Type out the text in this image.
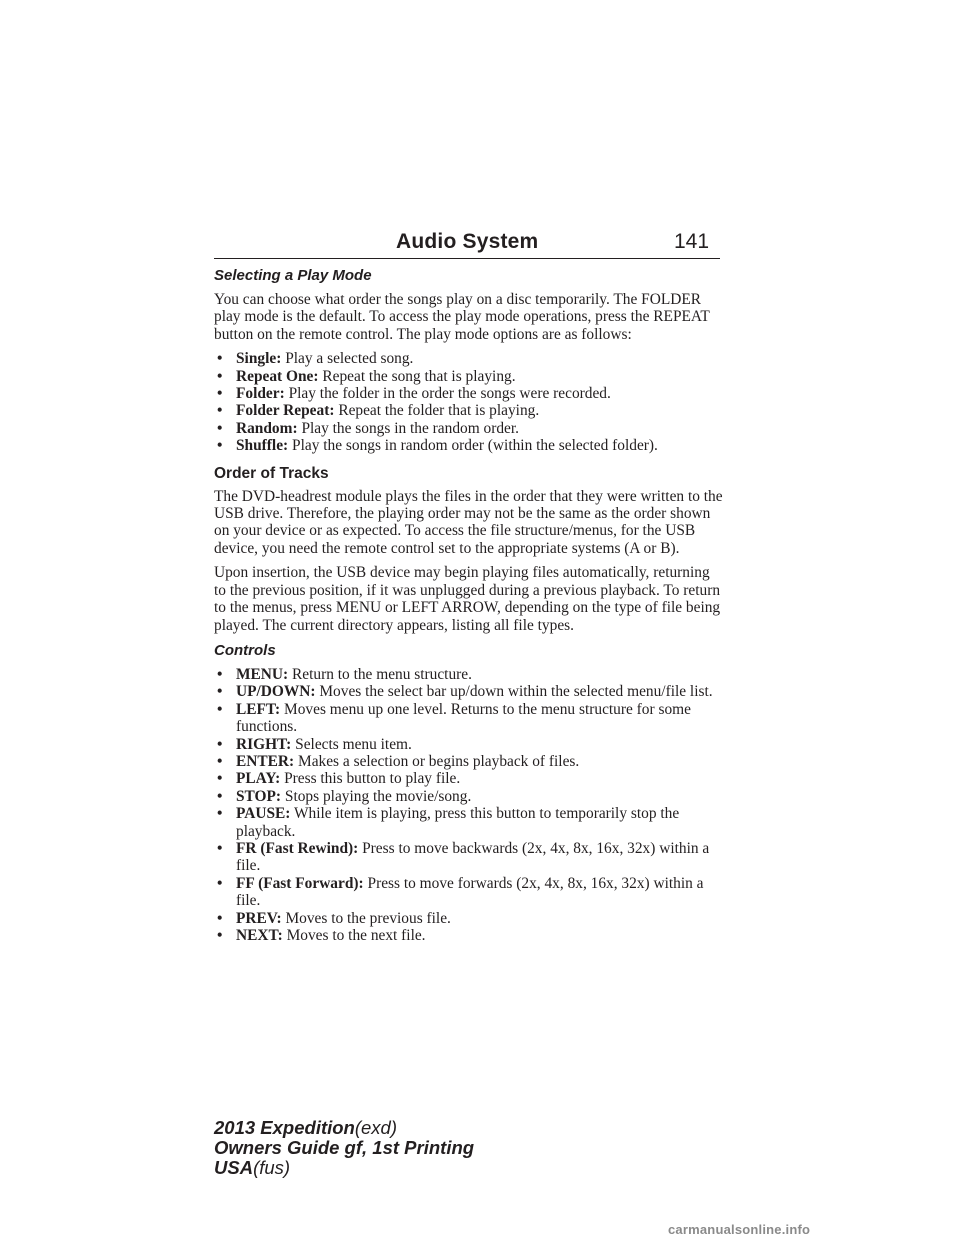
Audio System	141
Selecting a Play Mode

You can choose what order the songs play on a disc temporarily. The FOLDER play mode is the default. To access the play mode operations, press the REPEAT button on the remote control. The play mode options are as follows:

• Single: Play a selected song.
• Repeat One: Repeat the song that is playing.
• Folder: Play the folder in the order the songs were recorded.
• Folder Repeat: Repeat the folder that is playing.
• Random: Play the songs in the random order.
• Shuffle: Play the songs in random order (within the selected folder).
Order of Tracks

The DVD-headrest module plays the files in the order that they were written to the USB drive. Therefore, the playing order may not be the same as the order shown on your device or as expected. To access the file structure/menus, for the USB device, you need the remote control set to the appropriate systems (A or B).

Upon insertion, the USB device may begin playing files automatically, returning to the previous position, if it was unplugged during a previous playback. To return to the menus, press MENU or LEFT ARROW, depending on the type of file being played. The current directory appears, listing all file types.

Controls
• MENU: Return to the menu structure.
• UP/DOWN: Moves the select bar up/down within the selected menu/file list.
• LEFT: Moves menu up one level. Returns to the menu structure for some functions.
• RIGHT: Selects menu item.
• ENTER: Makes a selection or begins playback of files.
• PLAY: Press this button to play file.
• STOP: Stops playing the movie/song.
• PAUSE: While item is playing, press this button to temporarily stop the playback.
• FR (Fast Rewind): Press to move backwards (2x, 4x, 8x, 16x, 32x) within a file.
• FF (Fast Forward): Press to move forwards (2x, 4x, 8x, 16x, 32x) within a file.
• PREV: Moves to the previous file.
• NEXT: Moves to the next file.
2013 Expedition(exd)
Owners Guide gf, 1st Printing
USA(fus)
carmanualsonline.info
